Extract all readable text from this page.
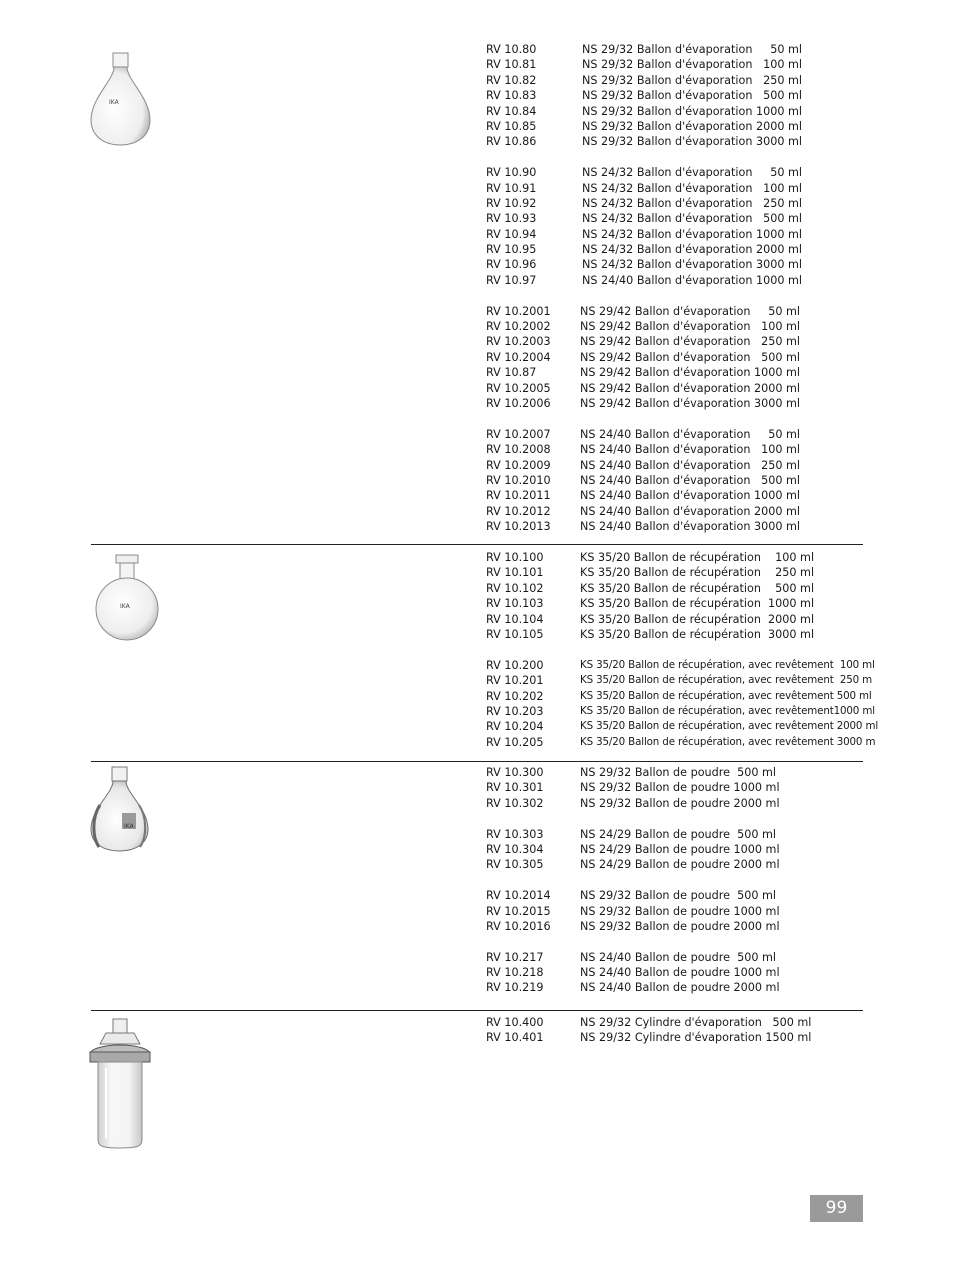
IKA
IKA
IKA
RV 10.80	NS 29/32 Ballon d'évaporation     50 ml
RV 10.81	NS 29/32 Ballon d'évaporation   100 ml
RV 10.82	NS 29/32 Ballon d'évaporation   250 ml
RV 10.83	NS 29/32 Ballon d'évaporation   500 ml
RV 10.84	NS 29/32 Ballon d'évaporation 1000 ml
RV 10.85	NS 29/32 Ballon d'évaporation 2000 ml
RV 10.86	NS 29/32 Ballon d'évaporation 3000 ml
RV 10.90	NS 24/32 Ballon d'évaporation     50 ml
RV 10.91	NS 24/32 Ballon d'évaporation   100 ml
RV 10.92	NS 24/32 Ballon d'évaporation   250 ml
RV 10.93	NS 24/32 Ballon d'évaporation   500 ml
RV 10.94	NS 24/32 Ballon d'évaporation 1000 ml
RV 10.95	NS 24/32 Ballon d'évaporation 2000 ml
RV 10.96	NS 24/32 Ballon d'évaporation 3000 ml
RV 10.97	NS 24/40 Ballon d'évaporation 1000 ml
RV 10.2001	NS 29/42 Ballon d'évaporation     50 ml
RV 10.2002	NS 29/42 Ballon d'évaporation   100 ml
RV 10.2003	NS 29/42 Ballon d'évaporation   250 ml
RV 10.2004	NS 29/42 Ballon d'évaporation   500 ml
RV 10.87	NS 29/42 Ballon d'évaporation 1000 ml
RV 10.2005	NS 29/42 Ballon d'évaporation 2000 ml
RV 10.2006	NS 29/42 Ballon d'évaporation 3000 ml
RV 10.2007	NS 24/40 Ballon d'évaporation     50 ml
RV 10.2008	NS 24/40 Ballon d'évaporation   100 ml
RV 10.2009	NS 24/40 Ballon d'évaporation   250 ml
RV 10.2010	NS 24/40 Ballon d'évaporation   500 ml
RV 10.2011	NS 24/40 Ballon d'évaporation 1000 ml
RV 10.2012	NS 24/40 Ballon d'évaporation 2000 ml
RV 10.2013	NS 24/40 Ballon d'évaporation 3000 ml
RV 10.100	KS 35/20 Ballon de récupération    100 ml
RV 10.101	KS 35/20 Ballon de récupération    250 ml
RV 10.102	KS 35/20 Ballon de récupération    500 ml
RV 10.103	KS 35/20 Ballon de récupération  1000 ml
RV 10.104	KS 35/20 Ballon de récupération  2000 ml
RV 10.105	KS 35/20 Ballon de récupération  3000 ml
RV 10.200	KS 35/20 Ballon de récupération, avec revêtement  100 ml
RV 10.201	KS 35/20 Ballon de récupération, avec revêtement  250 m
RV 10.202	KS 35/20 Ballon de récupération, avec revêtement 500 ml
RV 10.203	KS 35/20 Ballon de récupération, avec revêtement1000 ml
RV 10.204	KS 35/20 Ballon de récupération, avec revêtement 2000 ml
RV 10.205	KS 35/20 Ballon de récupération, avec revêtement 3000 m
RV 10.300	NS 29/32 Ballon de poudre  500 ml
RV 10.301	NS 29/32 Ballon de poudre 1000 ml
RV 10.302	NS 29/32 Ballon de poudre 2000 ml
RV 10.303	NS 24/29 Ballon de poudre  500 ml
RV 10.304	NS 24/29 Ballon de poudre 1000 ml
RV 10.305	NS 24/29 Ballon de poudre 2000 ml
RV 10.2014	NS 29/32 Ballon de poudre  500 ml
RV 10.2015	NS 29/32 Ballon de poudre 1000 ml
RV 10.2016	NS 29/32 Ballon de poudre 2000 ml
RV 10.217	NS 24/40 Ballon de poudre  500 ml
RV 10.218	NS 24/40 Ballon de poudre 1000 ml
RV 10.219	NS 24/40 Ballon de poudre 2000 ml
RV 10.400	NS 29/32 Cylindre d'évaporation   500 ml
RV 10.401	NS 29/32 Cylindre d'évaporation 1500 ml
99
